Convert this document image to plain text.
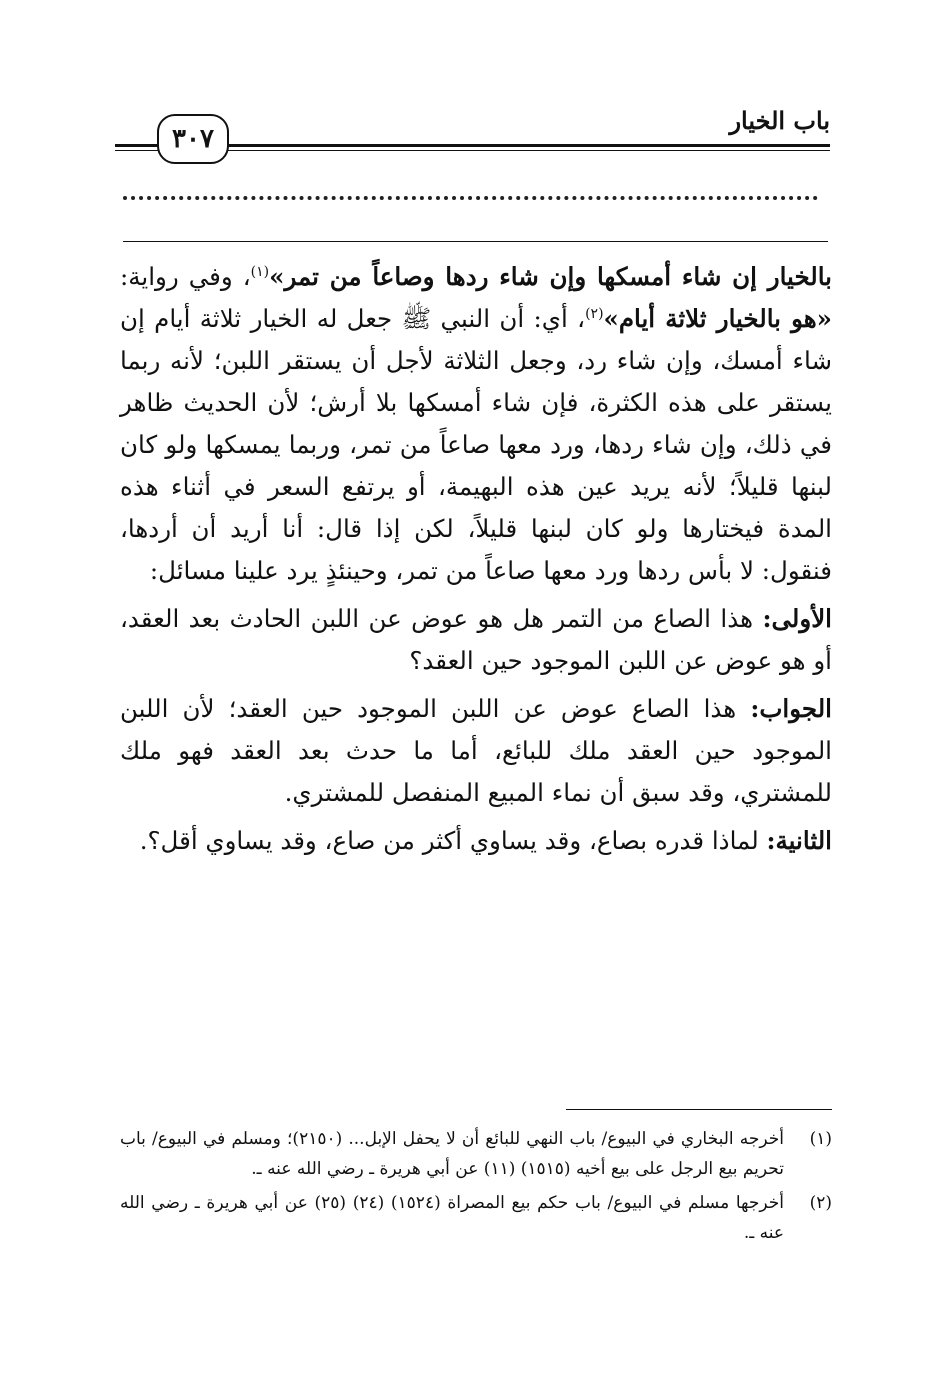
باب الخيار
٣٠٧

بالخيار إن شاء أمسكها وإن شاء ردها وصاعاً من تمر»$^{(١)}$، وفي رواية: «هو بالخيار ثلاثة أيام»$^{(٢)}$، أي: أن النبي ﷺ جعل له الخيار ثلاثة أيام إن شاء أمسك، وإن شاء رد، وجعل الثلاثة لأجل أن يستقر اللبن؛ لأنه ربما يستقر على هذه الكثرة، فإن شاء أمسكها بلا أرش؛ لأن الحديث ظاهر في ذلك، وإن شاء ردها، ورد معها صاعاً من تمر، وربما يمسكها ولو كان لبنها قليلاً؛ لأنه يريد عين هذه البهيمة، أو يرتفع السعر في أثناء هذه المدة فيختارها ولو كان لبنها قليلاً، لكن إذا قال: أنا أريد أن أردها، فنقول: لا بأس ردها ورد معها صاعاً من تمر، وحينئذٍ يرد علينا مسائل:

الأولى: هذا الصاع من التمر هل هو عوض عن اللبن الحادث بعد العقد، أو هو عوض عن اللبن الموجود حين العقد؟

الجواب: هذا الصاع عوض عن اللبن الموجود حين العقد؛ لأن اللبن الموجود حين العقد ملك للبائع، أما ما حدث بعد العقد فهو ملك للمشتري، وقد سبق أن نماء المبيع المنفصل للمشتري.

الثانية: لماذا قدره بصاع، وقد يساوي أكثر من صاع، وقد يساوي أقل؟.

(١)
أخرجه البخاري في البيوع/ باب النهي للبائع أن لا يحفل الإبل... (٢١٥٠)؛ ومسلم في البيوع/ باب تحريم بيع الرجل على بيع أخيه (١٥١٥) (١١) عن أبي هريرة ـ رضي الله عنه ـ.
(٢)
أخرجها مسلم في البيوع/ باب حكم بيع المصراة (١٥٢٤) (٢٤) (٢٥) عن أبي هريرة ـ رضي الله عنه ـ.
